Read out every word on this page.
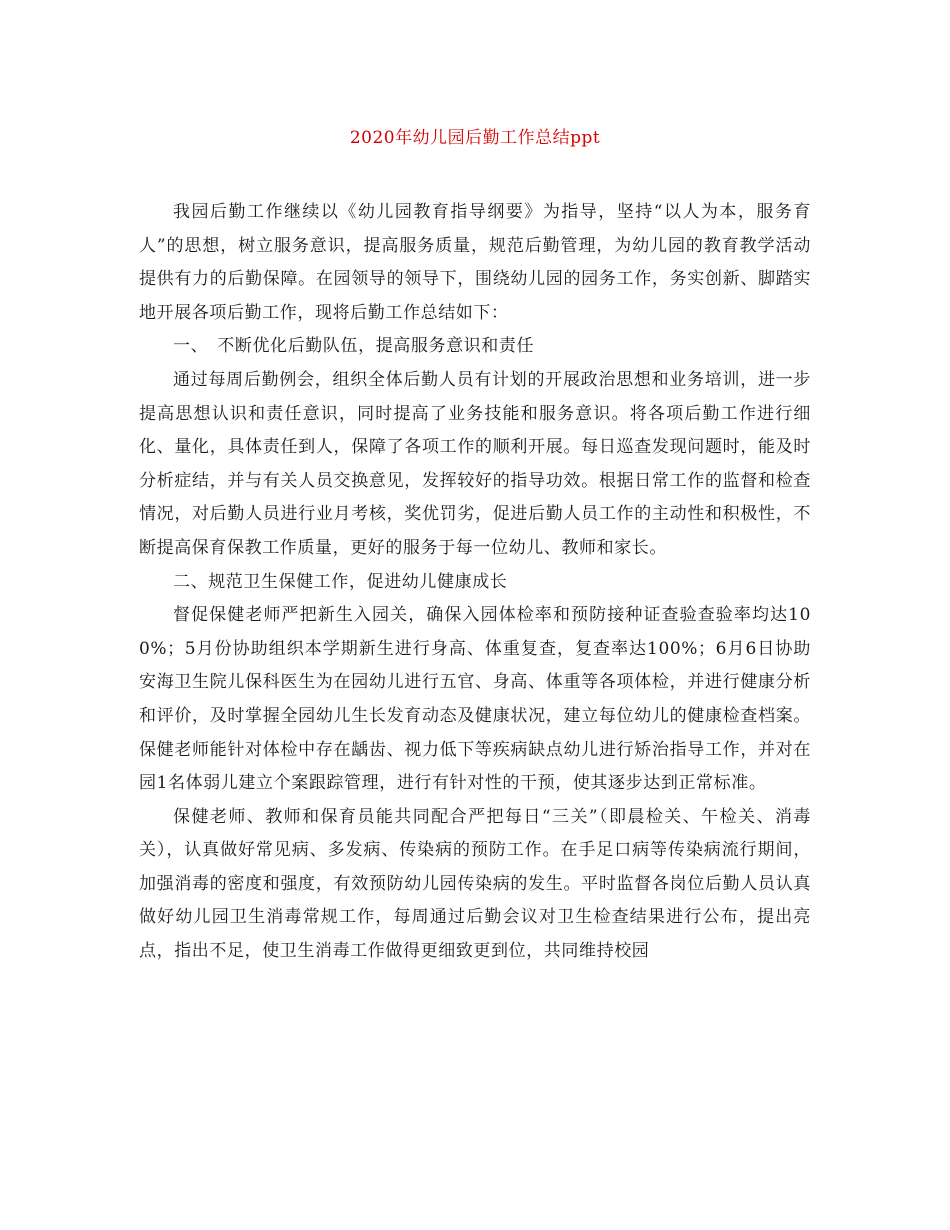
2020年幼儿园后勤工作总结ppt

我园后勤工作继续以《幼儿园教育指导纲要》为指导，坚持“以人为本，服务育人”的思想，树立服务意识，提高服务质量，规范后勤管理，为幼儿园的教育教学活动提供有力的后勤保障。在园领导的领导下，围绕幼儿园的园务工作，务实创新、脚踏实地开展各项后勤工作，现将后勤工作总结如下：

一、　不断优化后勤队伍，提高服务意识和责任

通过每周后勤例会，组织全体后勤人员有计划的开展政治思想和业务培训，进一步提高思想认识和责任意识，同时提高了业务技能和服务意识。将各项后勤工作进行细化、量化，具体责任到人，保障了各项工作的顺利开展。每日巡查发现问题时，能及时分析症结，并与有关人员交换意见，发挥较好的指导功效。根据日常工作的监督和检查情况，对后勤人员进行业月考核，奖优罚劣，促进后勤人员工作的主动性和积极性，不断提高保育保教工作质量，更好的服务于每一位幼儿、教师和家长。

二、规范卫生保健工作，促进幼儿健康成长

督促保健老师严把新生入园关，确保入园体检率和预防接种证查验查验率均达100%；5月份协助组织本学期新生进行身高、体重复查，复查率达100%；6月6日协助安海卫生院儿保科医生为在园幼儿进行五官、身高、体重等各项体检，并进行健康分析和评价，及时掌握全园幼儿生长发育动态及健康状况，建立每位幼儿的健康检查档案。保健老师能针对体检中存在龋齿、视力低下等疾病缺点幼儿进行矫治指导工作，并对在园1名体弱儿建立个案跟踪管理，进行有针对性的干预，使其逐步达到正常标准。

保健老师、教师和保育员能共同配合严把每日“三关”（即晨检关、午检关、消毒关），认真做好常见病、多发病、传染病的预防工作。在手足口病等传染病流行期间，加强消毒的密度和强度，有效预防幼儿园传染病的发生。平时监督各岗位后勤人员认真做好幼儿园卫生消毒常规工作，每周通过后勤会议对卫生检查结果进行公布，提出亮点，指出不足，使卫生消毒工作做得更细致更到位，共同维持校园
